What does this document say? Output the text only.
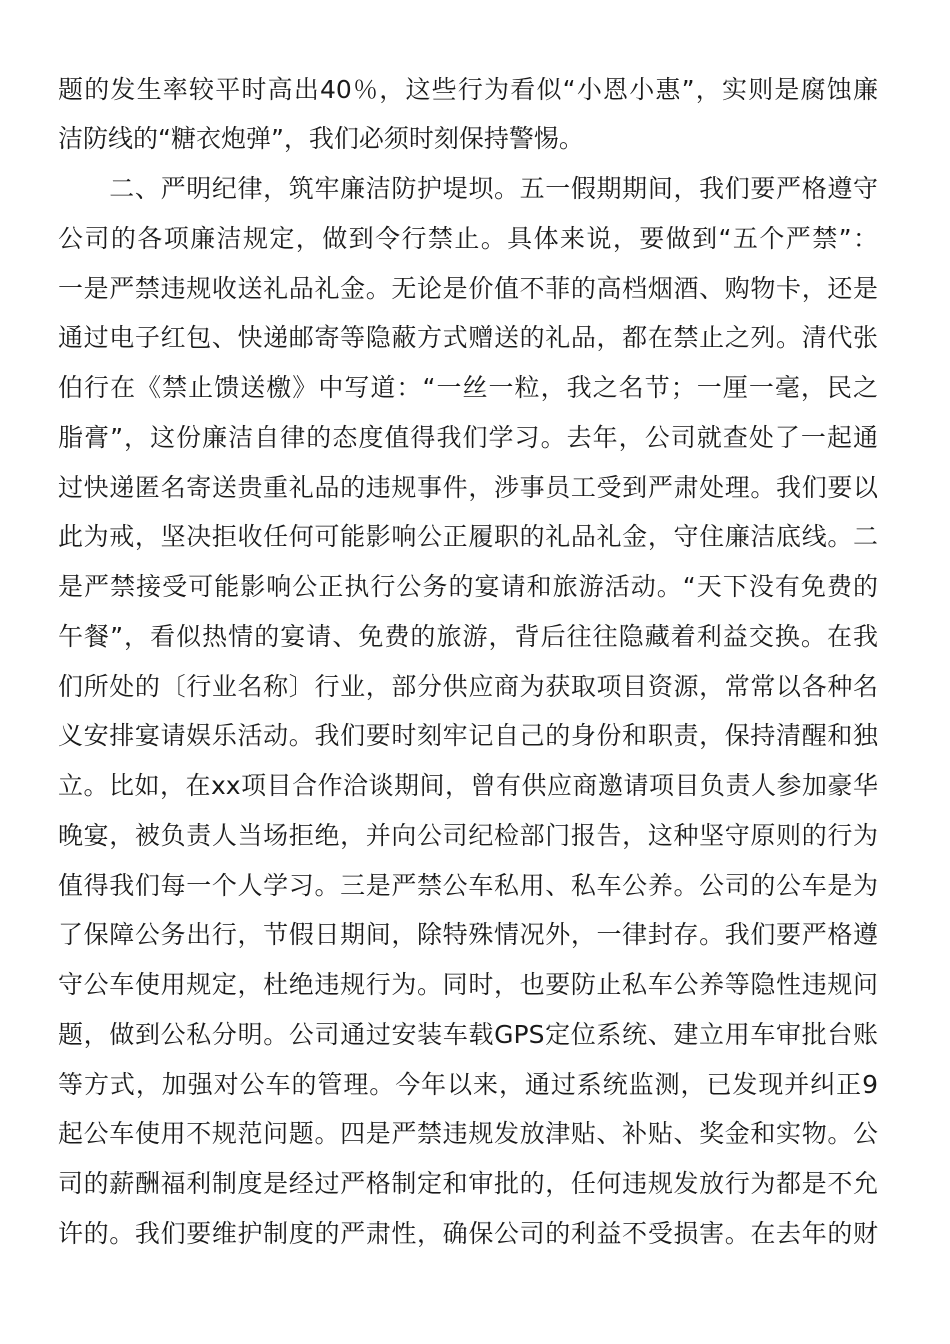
题的发生率较平时高出40％，这些行为看似“小恩小惠”，实则是腐蚀廉
洁防线的“糖衣炮弹”，我们必须时刻保持警惕。
　　二、严明纪律，筑牢廉洁防护堤坝。五一假期期间，我们要严格遵守
公司的各项廉洁规定，做到令行禁止。具体来说，要做到“五个严禁”：
一是严禁违规收送礼品礼金。无论是价值不菲的高档烟酒、购物卡，还是
通过电子红包、快递邮寄等隐蔽方式赠送的礼品，都在禁止之列。清代张
伯行在《禁止馈送檄》中写道：“一丝一粒，我之名节；一厘一毫，民之
脂膏”，这份廉洁自律的态度值得我们学习。去年，公司就查处了一起通
过快递匿名寄送贵重礼品的违规事件，涉事员工受到严肃处理。我们要以
此为戒，坚决拒收任何可能影响公正履职的礼品礼金，守住廉洁底线。二
是严禁接受可能影响公正执行公务的宴请和旅游活动。“天下没有免费的
午餐”，看似热情的宴请、免费的旅游，背后往往隐藏着利益交换。在我
们所处的〔行业名称〕行业，部分供应商为获取项目资源，常常以各种名
义安排宴请娱乐活动。我们要时刻牢记自己的身份和职责，保持清醒和独
立。比如，在xx项目合作洽谈期间，曾有供应商邀请项目负责人参加豪华
晚宴，被负责人当场拒绝，并向公司纪检部门报告，这种坚守原则的行为
值得我们每一个人学习。三是严禁公车私用、私车公养。公司的公车是为
了保障公务出行，节假日期间，除特殊情况外，一律封存。我们要严格遵
守公车使用规定，杜绝违规行为。同时，也要防止私车公养等隐性违规问
题，做到公私分明。公司通过安装车载GPS定位系统、建立用车审批台账
等方式，加强对公车的管理。今年以来，通过系统监测，已发现并纠正9
起公车使用不规范问题。四是严禁违规发放津贴、补贴、奖金和实物。公
司的薪酬福利制度是经过严格制定和审批的，任何违规发放行为都是不允
许的。我们要维护制度的严肃性，确保公司的利益不受损害。在去年的财
